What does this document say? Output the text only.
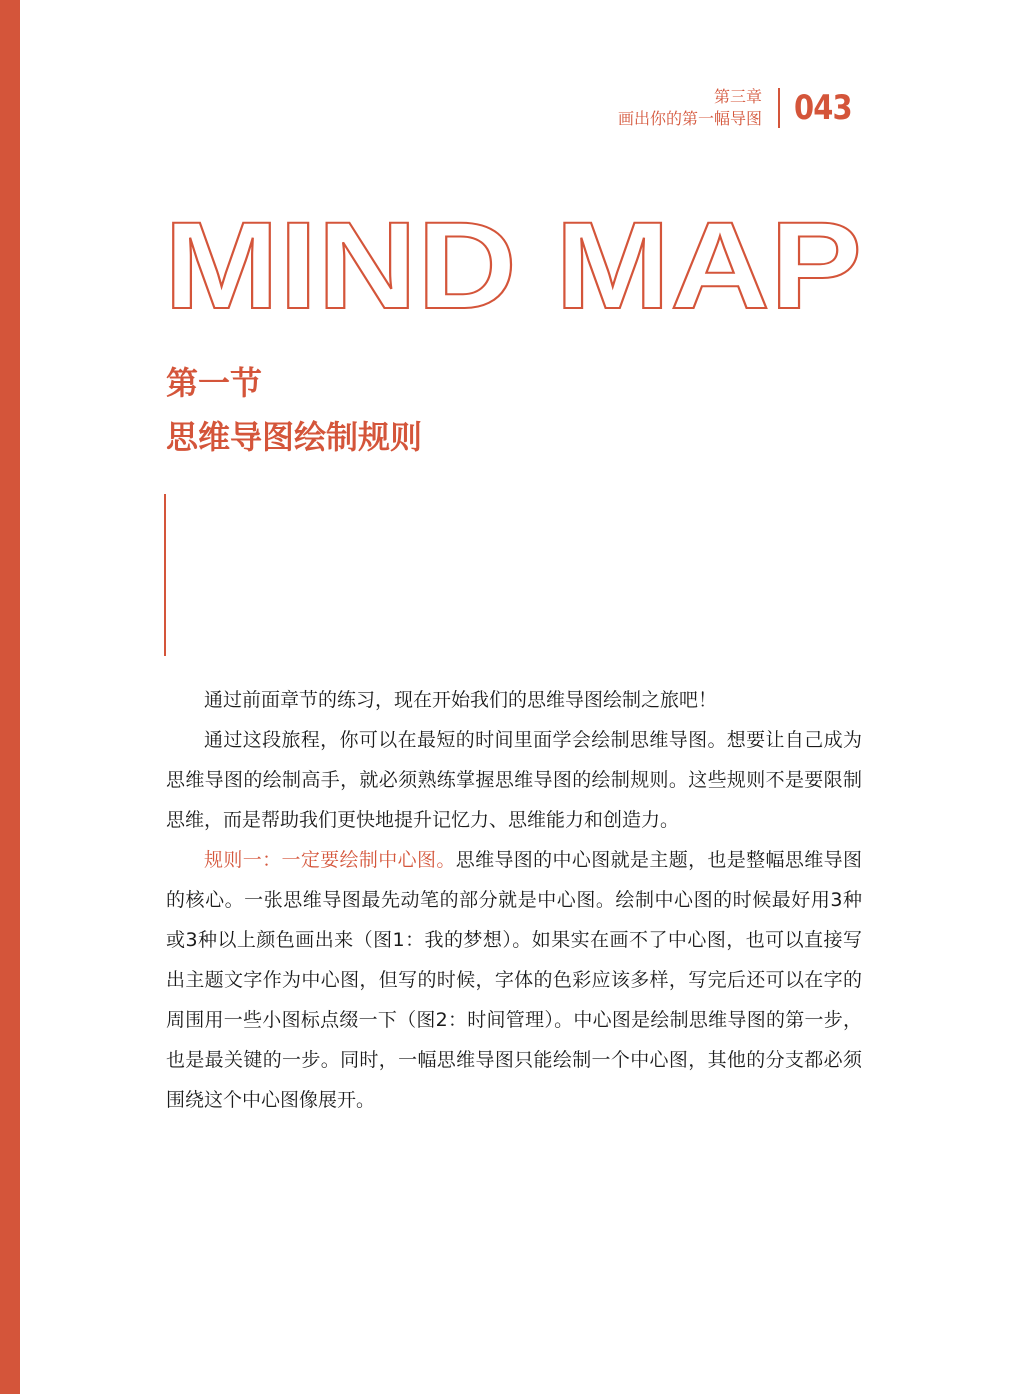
第三章
画出你的第一幅导图 043
MIND MAP
第一节
思维导图绘制规则

通过前面章节的练习，现在开始我们的思维导图绘制之旅吧！

通过这段旅程，你可以在最短的时间里面学会绘制思维导图。想要让自己成为思维导图的绘制高手，就必须熟练掌握思维导图的绘制规则。这些规则不是要限制思维，而是帮助我们更快地提升记忆力、思维能力和创造力。

规则一：一定要绘制中心图。思维导图的中心图就是主题，也是整幅思维导图的核心。一张思维导图最先动笔的部分就是中心图。绘制中心图的时候最好用3种或3种以上颜色画出来（图1：我的梦想）。如果实在画不了中心图，也可以直接写出主题文字作为中心图，但写的时候，字体的色彩应该多样，写完后还可以在字的周围用一些小图标点缀一下（图2：时间管理）。中心图是绘制思维导图的第一步，也是最关键的一步。同时，一幅思维导图只能绘制一个中心图，其他的分支都必须围绕这个中心图像展开。
